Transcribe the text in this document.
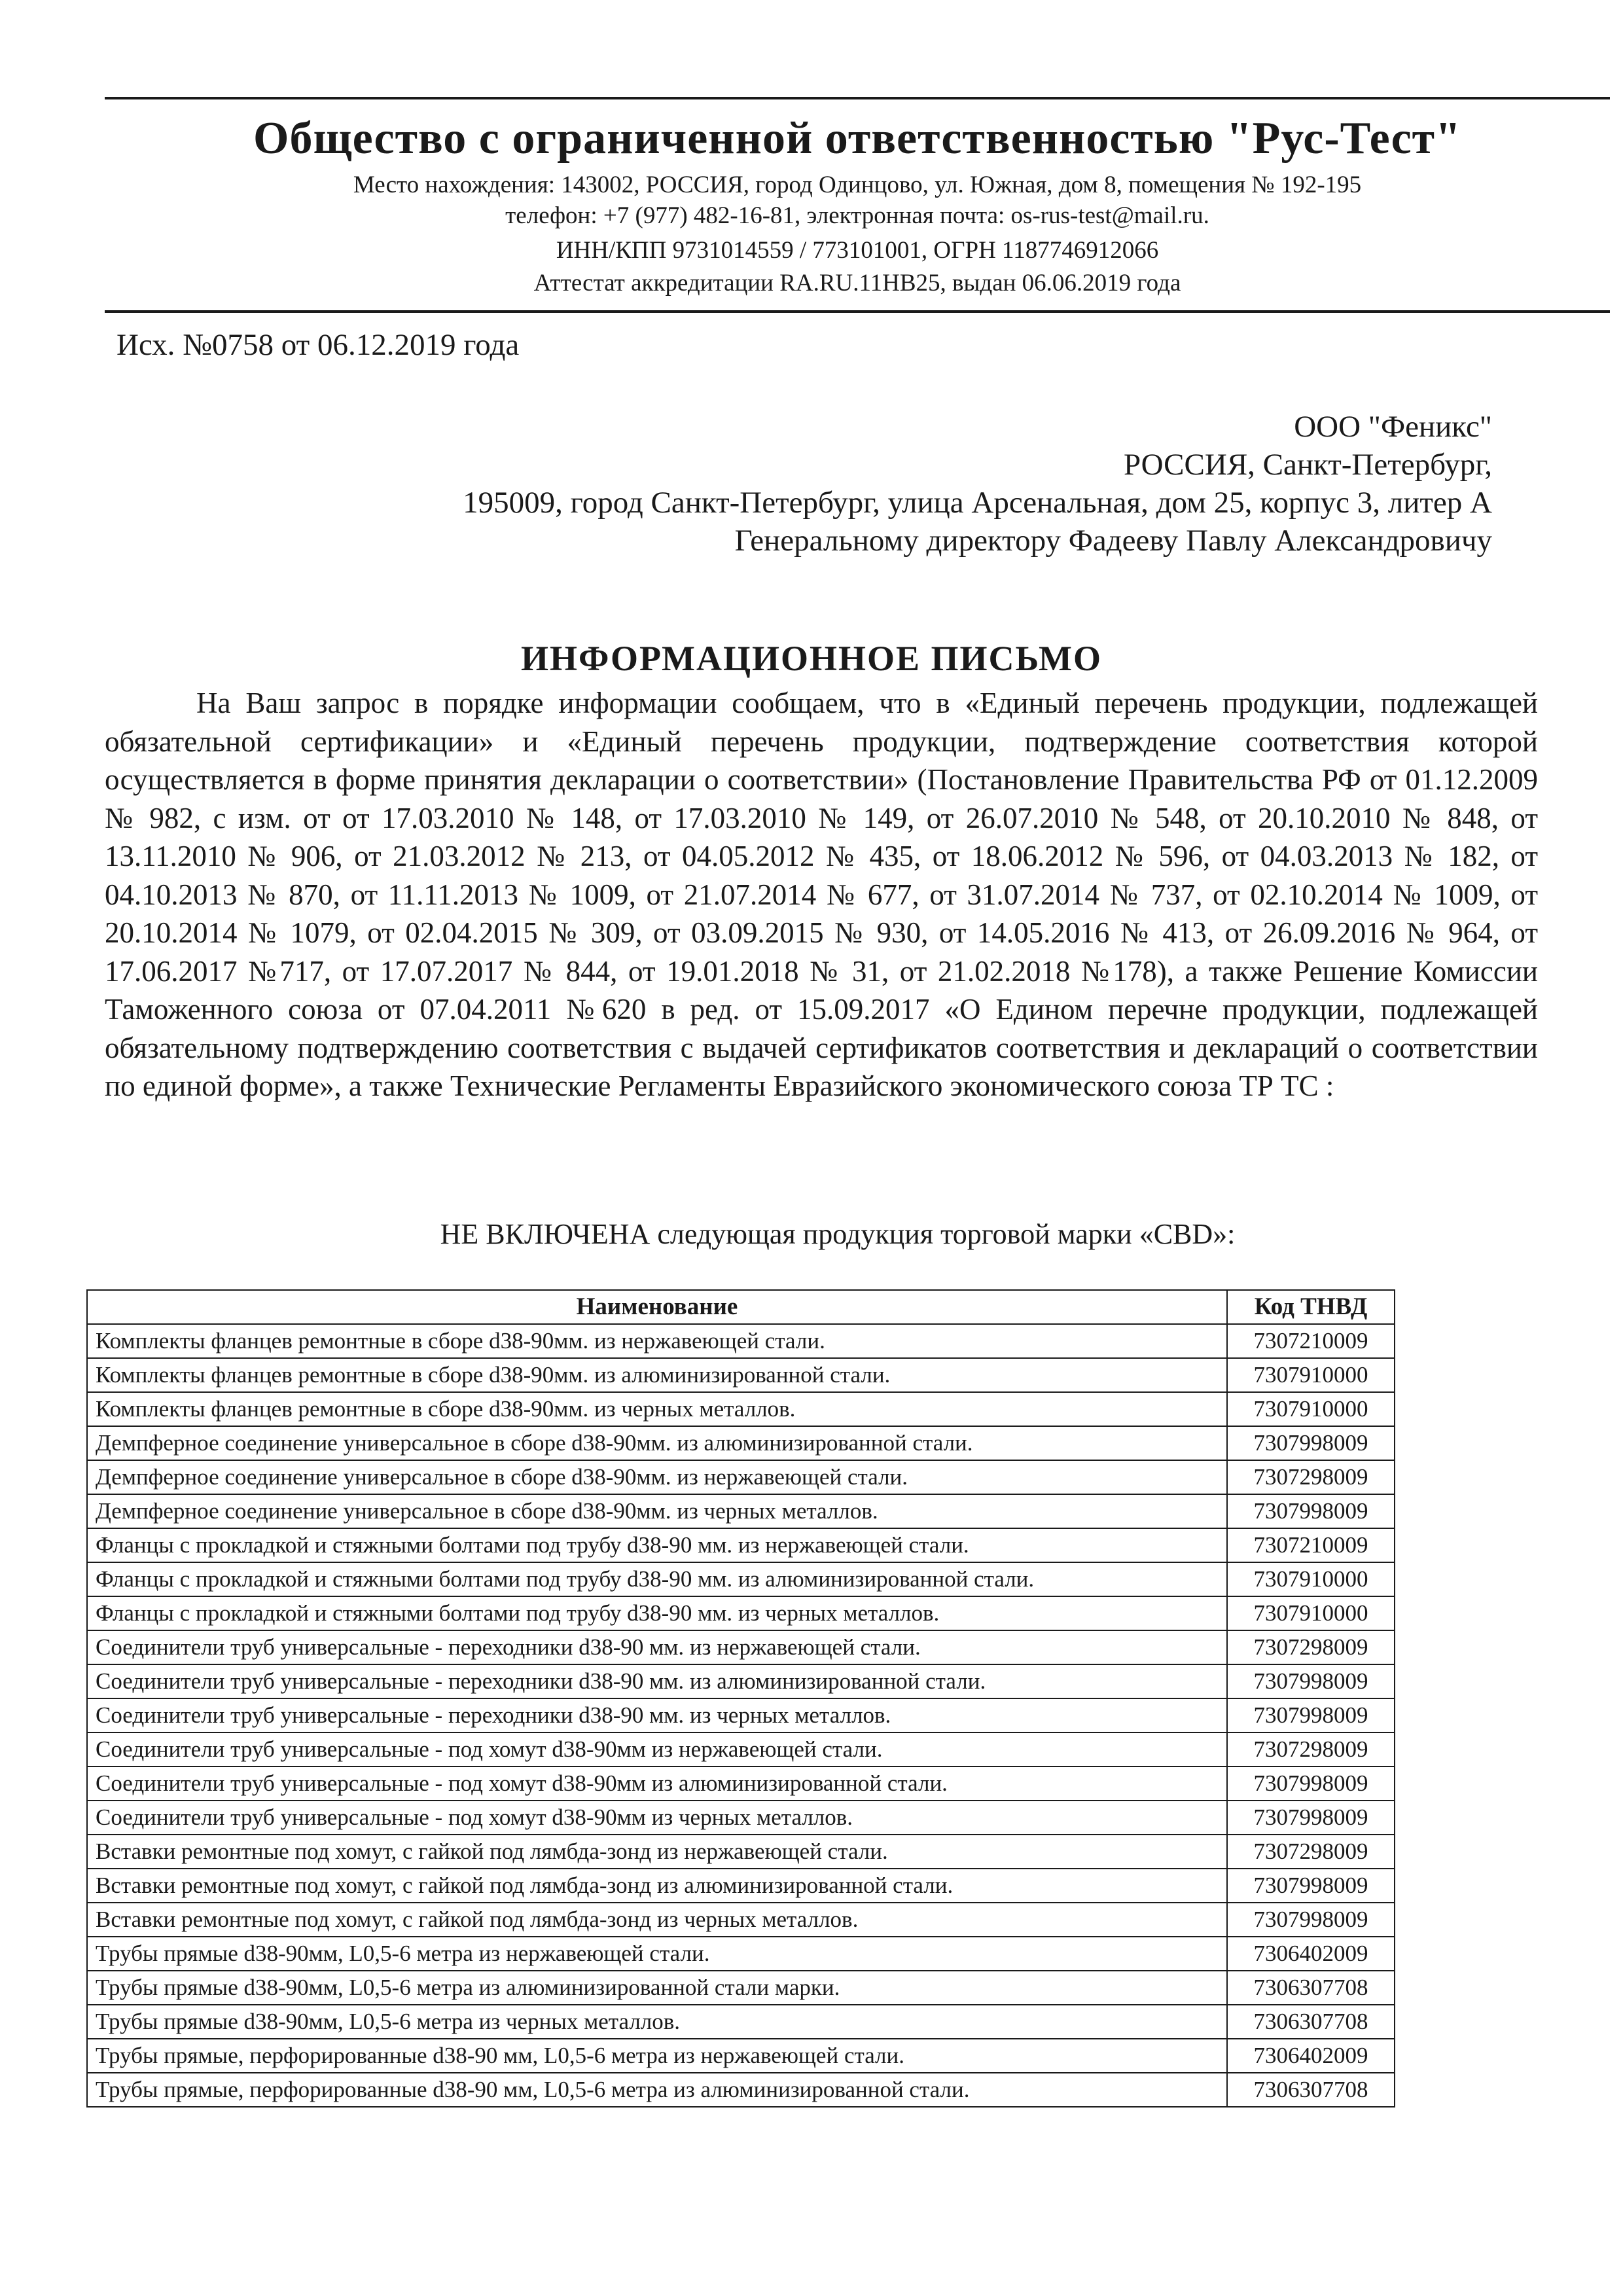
Общество с ограниченной ответственностью "Рус-Тест"
Место нахождения: 143002, РОССИЯ, город Одинцово, ул. Южная, дом 8, помещения № 192-195
телефон: +7 (977) 482-16-81, электронная почта: os-rus-test@mail.ru.
ИНН/КПП 9731014559 / 773101001, ОГРН 1187746912066
Аттестат аккредитации RA.RU.11НВ25, выдан 06.06.2019 года
Исх. №0758 от 06.12.2019 года
ООО "Феникс"
РОССИЯ, Санкт-Петербург,
195009, город Санкт-Петербург, улица Арсенальная, дом 25, корпус 3, литер А
Генеральному директору Фадееву Павлу Александровичу
ИНФОРМАЦИОННОЕ ПИСЬМО
На Ваш запрос в порядке информации сообщаем, что в «Единый перечень продукции, подлежащей обязательной сертификации» и «Единый перечень продукции, подтверждение соответствия которой осуществляется в форме принятия декларации о соответствии» (Постановление Правительства РФ от 01.12.2009 № 982, с изм. от от 17.03.2010 № 148, от 17.03.2010 № 149, от 26.07.2010 № 548, от 20.10.2010 № 848, от 13.11.2010 № 906, от 21.03.2012 № 213, от 04.05.2012 № 435, от 18.06.2012 № 596, от 04.03.2013 № 182, от 04.10.2013 № 870, от 11.11.2013 № 1009, от 21.07.2014 № 677, от 31.07.2014 № 737, от 02.10.2014 № 1009, от 20.10.2014 № 1079, от 02.04.2015 № 309, от 03.09.2015 № 930, от 14.05.2016 № 413, от 26.09.2016 № 964, от 17.06.2017 №717, от 17.07.2017 № 844, от 19.01.2018 № 31, от 21.02.2018 №178), а также Решение Комиссии Таможенного союза от 07.04.2011 №620 в ред. от 15.09.2017 «О Едином перечне продукции, подлежащей обязательному подтверждению соответствия с выдачей сертификатов соответствия и деклараций о соответствии по единой форме», а также Технические Регламенты Евразийского экономического союза ТР ТС :
НЕ ВКЛЮЧЕНА следующая продукция торговой марки «CBD»:
Наименование	Код ТНВД
Комплекты фланцев ремонтные в сборе d38-90мм. из нержавеющей стали.	7307210009
Комплекты фланцев ремонтные в сборе d38-90мм. из алюминизированной стали.	7307910000
Комплекты фланцев ремонтные в сборе d38-90мм. из черных металлов.	7307910000
Демпферное соединение универсальное в сборе d38-90мм. из алюминизированной стали.	7307998009
Демпферное соединение универсальное в сборе d38-90мм. из нержавеющей стали.	7307298009
Демпферное соединение универсальное в сборе d38-90мм. из черных металлов.	7307998009
Фланцы с прокладкой и стяжными болтами под трубу d38-90 мм. из нержавеющей стали.	7307210009
Фланцы с прокладкой и стяжными болтами под трубу d38-90 мм. из алюминизированной стали.	7307910000
Фланцы с прокладкой и стяжными болтами под трубу d38-90 мм. из черных металлов.	7307910000
Соединители труб универсальные - переходники d38-90 мм. из нержавеющей стали.	7307298009
Соединители труб универсальные - переходники d38-90 мм. из алюминизированной стали.	7307998009
Соединители труб универсальные - переходники d38-90 мм. из черных металлов.	7307998009
Соединители труб универсальные - под хомут d38-90мм из нержавеющей стали.	7307298009
Соединители труб универсальные - под хомут d38-90мм из алюминизированной стали.	7307998009
Соединители труб универсальные - под хомут d38-90мм из черных металлов.	7307998009
Вставки ремонтные под хомут, с гайкой под лямбда-зонд из нержавеющей стали.	7307298009
Вставки ремонтные под хомут, с гайкой под лямбда-зонд из алюминизированной стали.	7307998009
Вставки ремонтные под хомут, с гайкой под лямбда-зонд из черных металлов.	7307998009
Трубы прямые d38-90мм, L0,5-6 метра из нержавеющей стали.	7306402009
Трубы прямые d38-90мм, L0,5-6 метра из алюминизированной стали марки.	7306307708
Трубы прямые d38-90мм, L0,5-6 метра из черных металлов.	7306307708
Трубы прямые, перфорированные d38-90 мм, L0,5-6 метра из нержавеющей стали.	7306402009
Трубы прямые, перфорированные d38-90 мм, L0,5-6 метра из алюминизированной стали.	7306307708
